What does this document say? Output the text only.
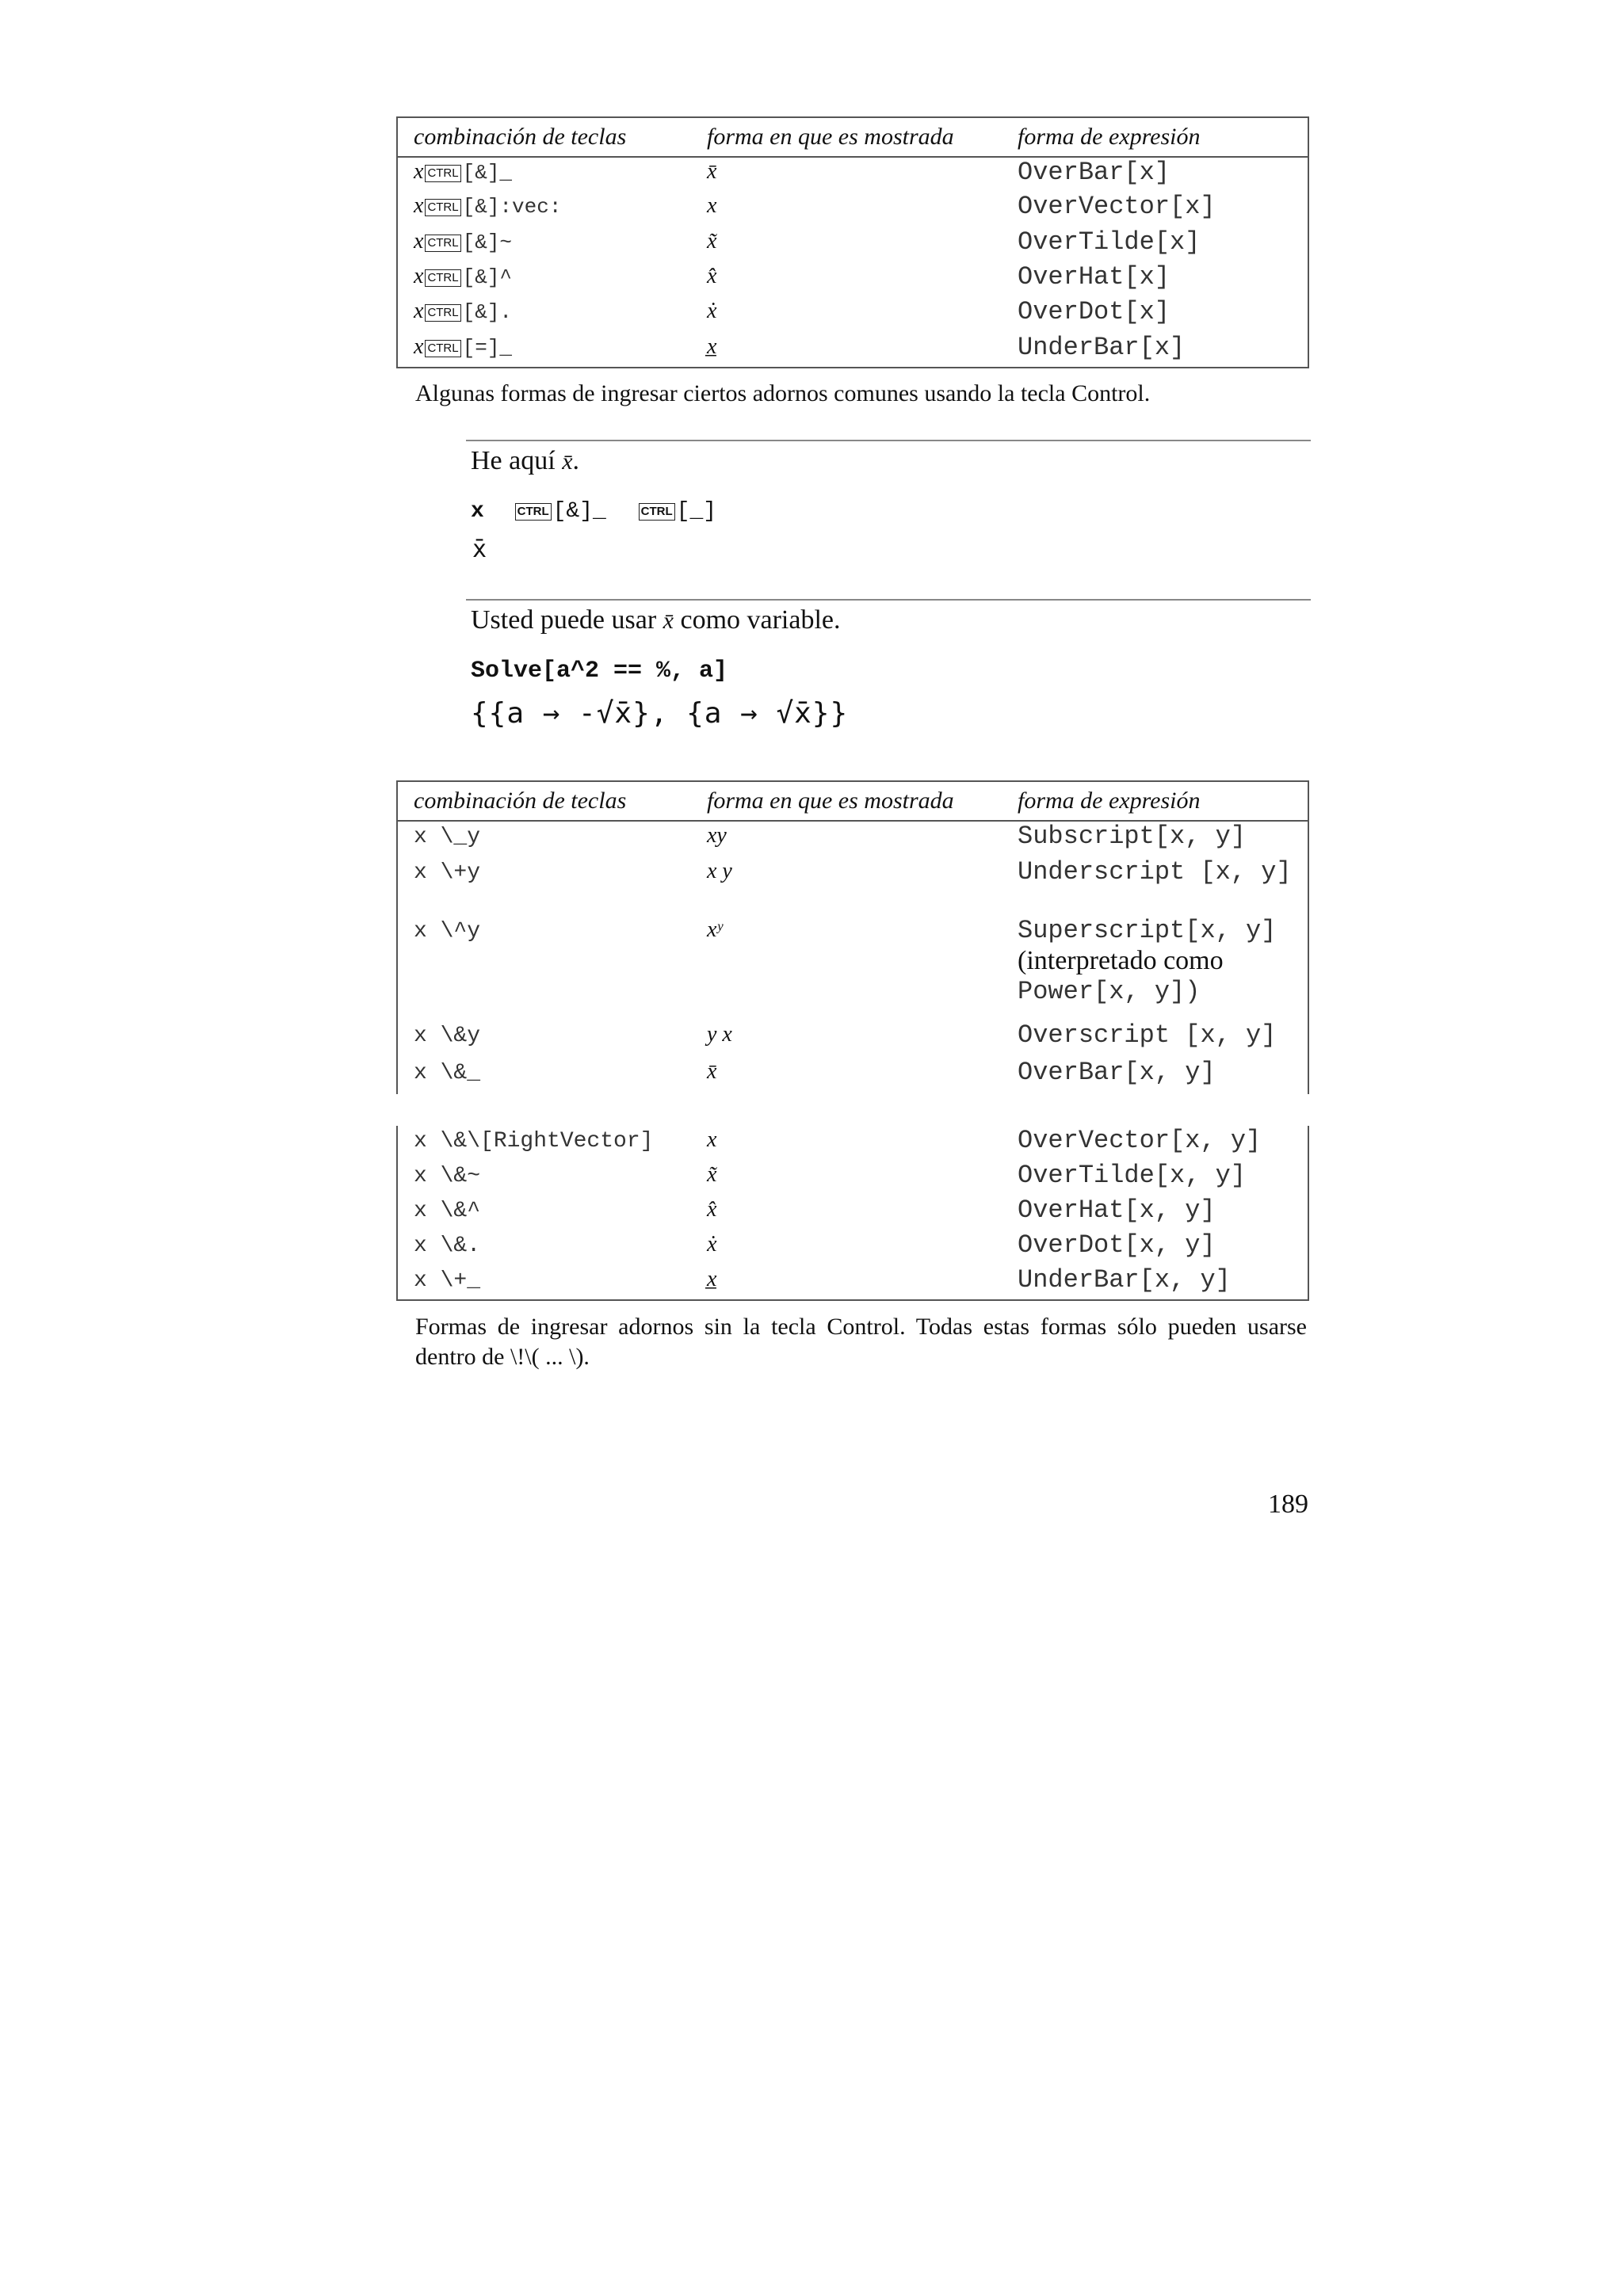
combinación de teclas	forma en que es mostrada	forma de expresión
x CTRL [&]_	x̄	OverBar[x]
x CTRL [&]:vec:	x⃗	OverVector[x]
x CTRL [&]~	x̃	OverTilde[x]
x CTRL [&]^	x̂	OverHat[x]
x CTRL [&].	ẋ	OverDot[x]
x CTRL [=]_	x̲	UnderBar[x]
Algunas formas de ingresar ciertos adornos comunes usando la tecla Control.
He aquí x̄.
x	CTRL [&]_	CTRL [_]
x̄
Usted puede usar x̄ como variable.
Solve[a^2 == %, a]
{{a → -√x̄}, {a → √x̄}}
combinación de teclas	forma en que es mostrada	forma de expresión
x \_y	xy	Subscript[x, y]

x \+y	x y	Underscript [x, y]

x \^y	xʸ	Superscript[x, y]
(interpretado como
Power[x, y])

x \&y	y x	Overscript [x, y]

x \&_	x̄	OverBar[x, y]
x \&\[RightVector]	x⃗	OverVector[x, y]

x \&~	x̃	OverTilde[x, y]

x \&^	x̂	OverHat[x, y]

x \&.	ẋ	OverDot[x, y]

x \+_	x̲	UnderBar[x, y]
Formas de ingresar adornos sin la tecla Control. Todas estas formas sólo pueden usarse dentro de \!\( ... \).
189
